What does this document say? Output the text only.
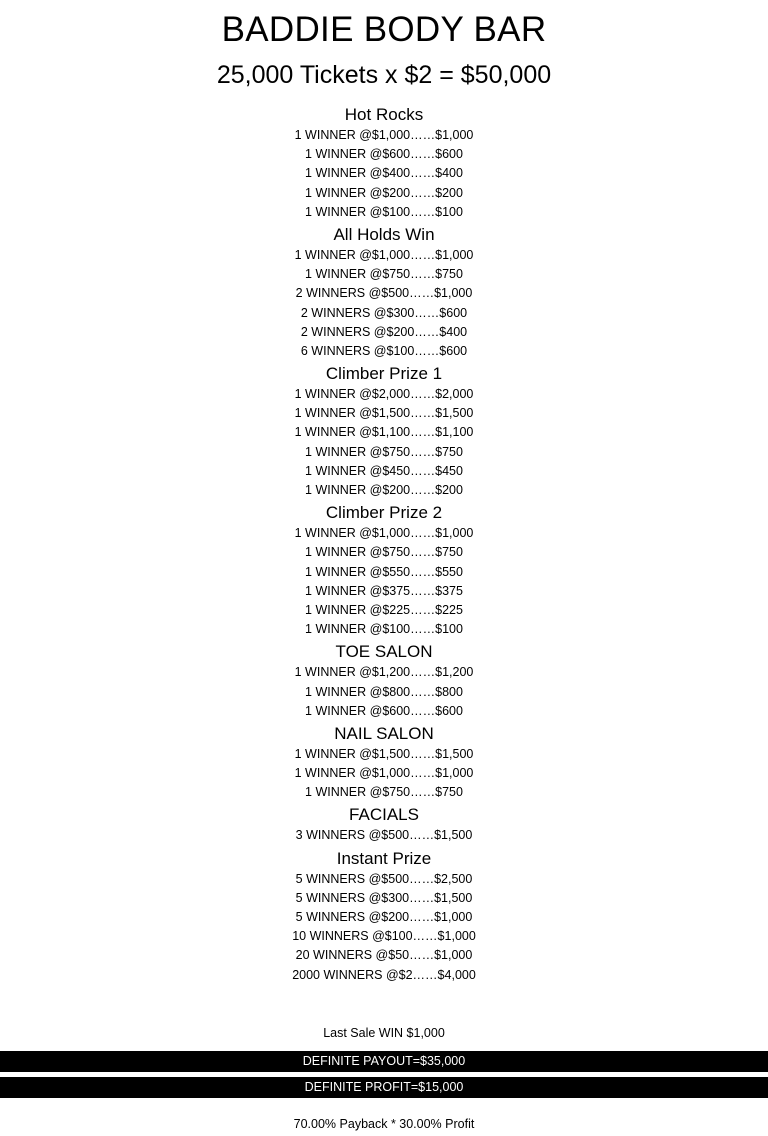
BADDIE BODY BAR
25,000 Tickets x $2 = $50,000
Hot Rocks
1 WINNER @$1,000……$1,000
1 WINNER @$600……$600
1 WINNER @$400……$400
1 WINNER @$200……$200
1 WINNER @$100……$100
All Holds Win
1 WINNER @$1,000……$1,000
1 WINNER @$750……$750
2 WINNERS @$500……$1,000
2 WINNERS @$300……$600
2 WINNERS @$200……$400
6 WINNERS @$100……$600
Climber Prize 1
1 WINNER @$2,000……$2,000
1 WINNER @$1,500……$1,500
1 WINNER @$1,100……$1,100
1 WINNER @$750……$750
1 WINNER @$450……$450
1 WINNER @$200……$200
Climber Prize 2
1 WINNER @$1,000……$1,000
1 WINNER @$750……$750
1 WINNER @$550……$550
1 WINNER @$375……$375
1 WINNER @$225……$225
1 WINNER @$100……$100
TOE SALON
1 WINNER @$1,200……$1,200
1 WINNER @$800……$800
1 WINNER @$600……$600
NAIL SALON
1 WINNER @$1,500……$1,500
1 WINNER @$1,000……$1,000
1 WINNER @$750……$750
FACIALS
3 WINNERS @$500……$1,500
Instant Prize
5 WINNERS @$500……$2,500
5 WINNERS @$300……$1,500
5 WINNERS @$200……$1,000
10 WINNERS @$100……$1,000
20 WINNERS @$50……$1,000
2000 WINNERS @$2……$4,000
Last Sale WIN $1,000
DEFINITE PAYOUT=$35,000
DEFINITE PROFIT=$15,000
70.00% Payback * 30.00% Profit
